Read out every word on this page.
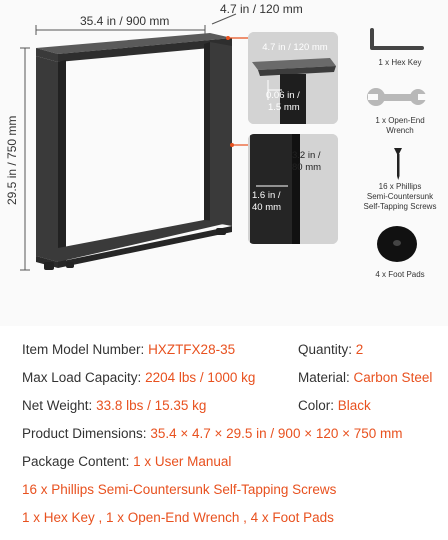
35.4 in / 900 mm
4.7 in / 120 mm
29.5 in / 750 mm
4.7 in / 120 mm
0.06 in /
1.5 mm
3.2 in /
80 mm
1.6 in /
40 mm
1 x Hex Key
1 x Open-End
Wrench
16 x Phillips
Semi-Countersunk
Self-Tapping Screws
4 x Foot Pads
Item Model Number: HXZTFX28-35	Quantity: 2
Max Load Capacity: 2204 lbs / 1000 kg	Material: Carbon Steel
Net Weight: 33.8 lbs / 15.35 kg	Color: Black
Product Dimensions: 35.4 × 4.7 × 29.5 in / 900 × 120 × 750 mm
Package Content: 1 x User Manual
16 x Phillips Semi-Countersunk Self-Tapping Screws
1 x Hex Key , 1 x Open-End Wrench , 4 x Foot Pads
